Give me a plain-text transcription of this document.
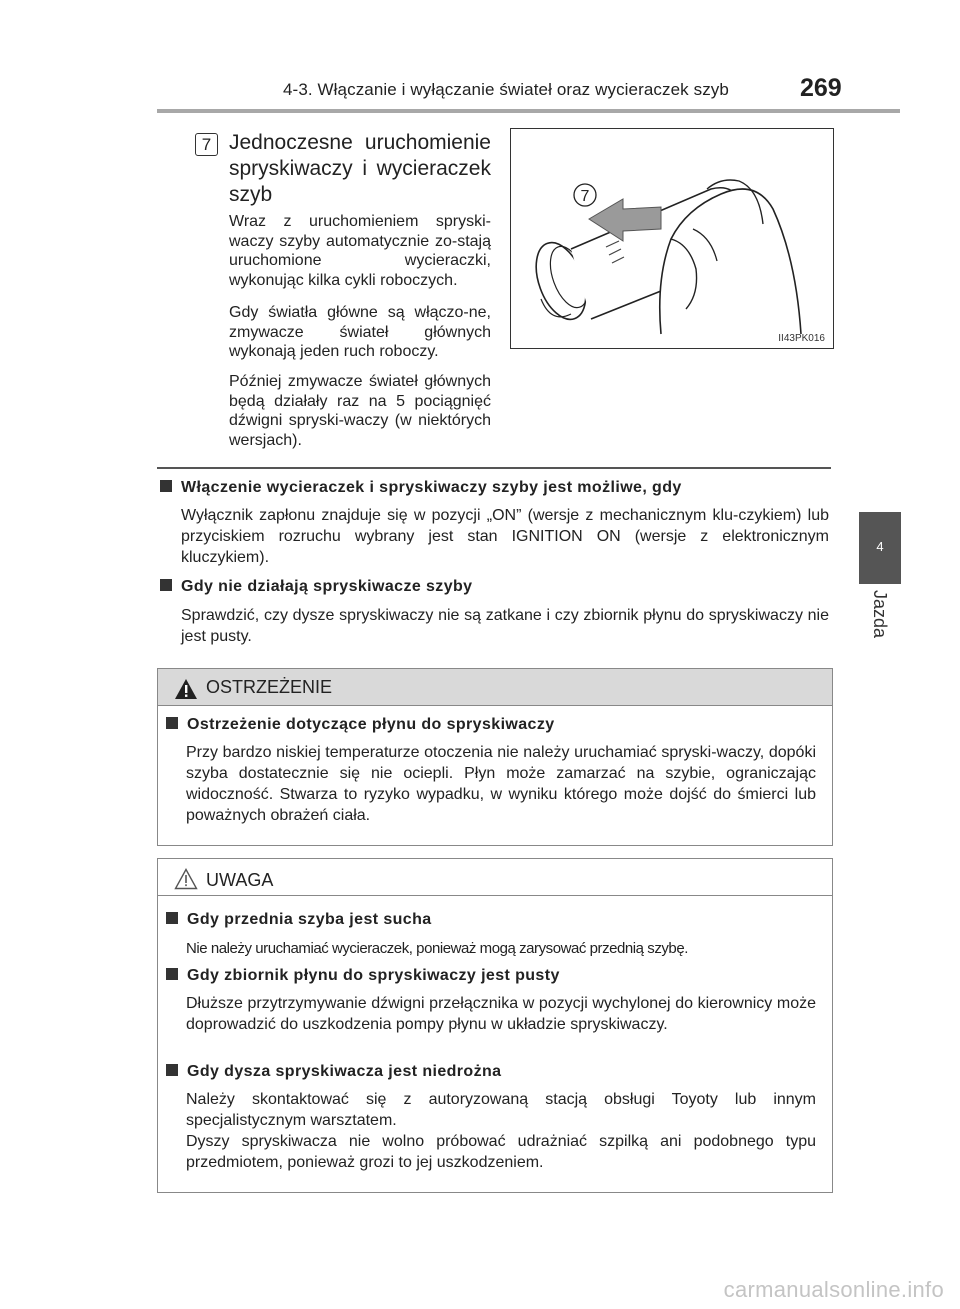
4-3. Włączanie i wyłączanie świateł oraz wycieraczek szyb	269
4
Jazda
7 Jednoczesne uruchomienie spryskiwaczy i wycieraczek szyb
Wraz z uruchomieniem spryski-waczy szyby automatycznie zo-stają uruchomione wycieraczki, wykonując kilka cykli roboczych.
Gdy światła główne są włączo-ne, zmywacze świateł głównych wykonają jeden ruch roboczy.
Później zmywacze świateł głównych będą działały raz na 5 pociągnięć dźwigni spryski-waczy (w niektórych wersjach).
7
II43PK016
Włączenie wycieraczek i spryskiwaczy szyby jest możliwe, gdy
Wyłącznik zapłonu znajduje się w pozycji „ON” (wersje z mechanicznym klu-czykiem) lub przyciskiem rozruchu wybrany jest stan IGNITION ON (wersje z elektronicznym kluczykiem).
Gdy nie działają spryskiwacze szyby
Sprawdzić, czy dysze spryskiwaczy nie są zatkane i czy zbiornik płynu do spryskiwaczy nie jest pusty.
OSTRZEŻENIE
Ostrzeżenie dotyczące płynu do spryskiwaczy
Przy bardzo niskiej temperaturze otoczenia nie należy uruchamiać spryski-waczy, dopóki szyba dostatecznie się nie ociepli. Płyn może zamarzać na szybie, ograniczając widoczność. Stwarza to ryzyko wypadku, w wyniku którego może dojść do śmierci lub poważnych obrażeń ciała.
UWAGA
Gdy przednia szyba jest sucha
Nie należy uruchamiać wycieraczek, ponieważ mogą zarysować przednią szybę.
Gdy zbiornik płynu do spryskiwaczy jest pusty
Dłuższe przytrzymywanie dźwigni przełącznika w pozycji wychylonej do kierownicy może doprowadzić do uszkodzenia pompy płynu w układzie spryskiwaczy.
Gdy dysza spryskiwacza jest niedrożna
Należy skontaktować się z autoryzowaną stacją obsługi Toyoty lub innym specjalistycznym warsztatem.
Dyszy spryskiwacza nie wolno próbować udrażniać szpilką ani podobnego typu przedmiotem, ponieważ grozi to jej uszkodzeniem.
carmanualsonline.info
